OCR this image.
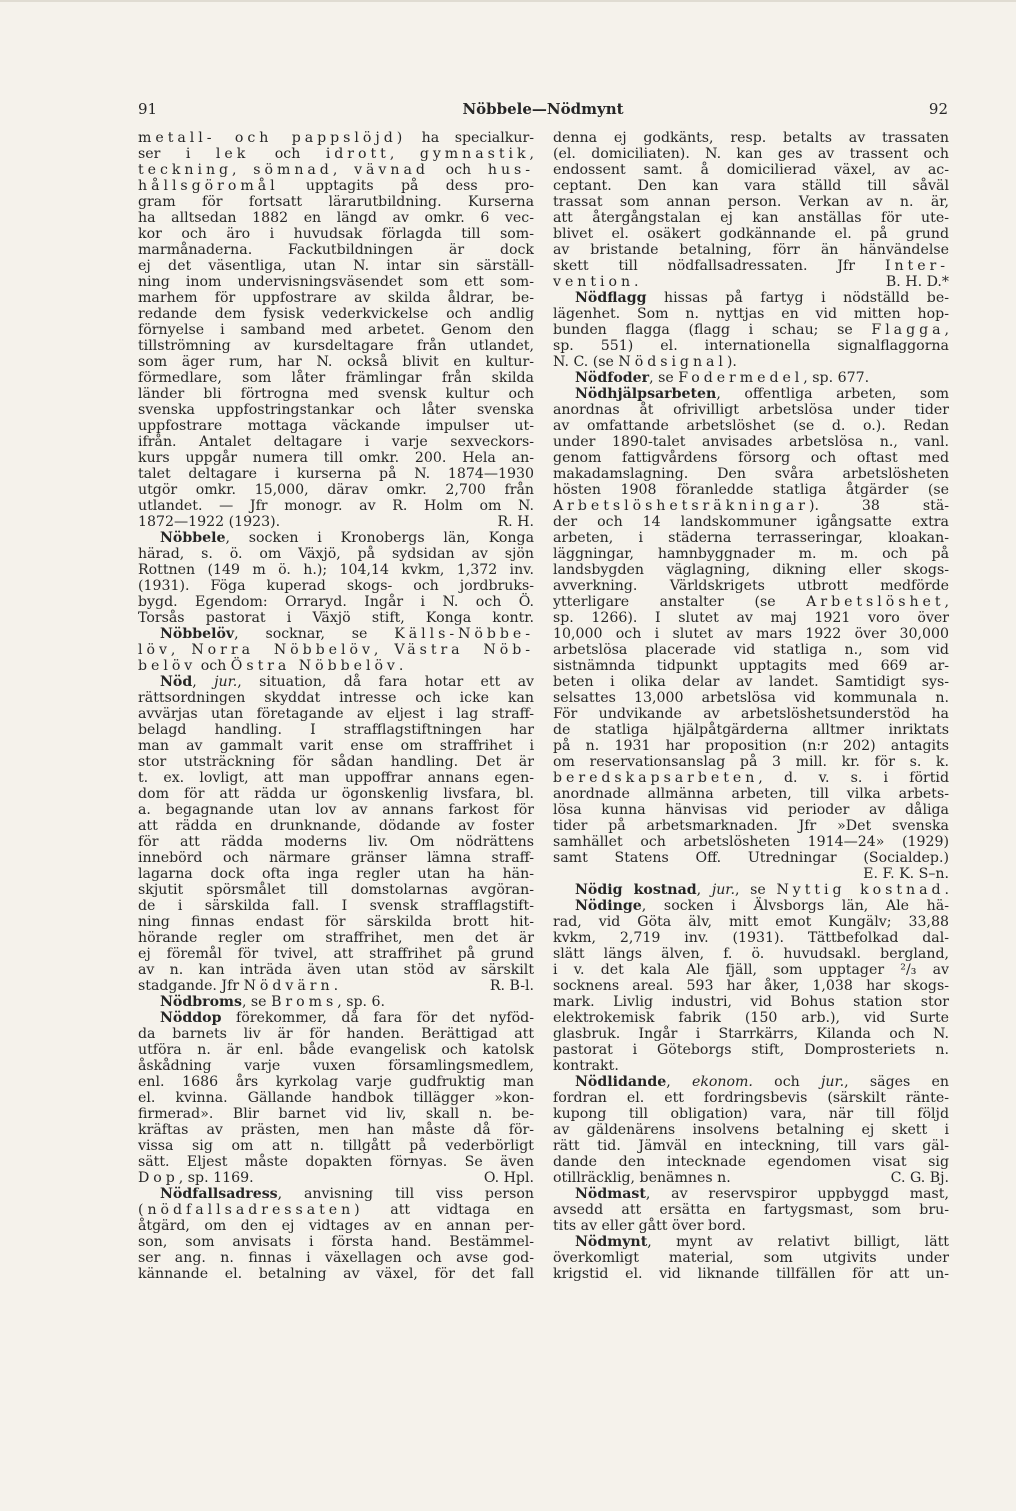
91	Nöbbele—Nödmynt	92
metall- och pappslöjd) ha specialkur-
ser i lek och idrott, gymnastik,
teckning, sömnad, vävnad och hus-
hållsgöromål upptagits på dess pro-
gram för fortsatt lärarutbildning. Kurserna
ha alltsedan 1882 en längd av omkr. 6 vec-
kor och äro i huvudsak förlagda till som-
marmånaderna. Fackutbildningen är dock
ej det väsentliga, utan N. intar sin särställ-
ning inom undervisningsväsendet som ett som-
marhem för uppfostrare av skilda åldrar, be-
redande dem fysisk vederkvickelse och andlig
förnyelse i samband med arbetet. Genom den
tillströmning av kursdeltagare från utlandet,
som äger rum, har N. också blivit en kultur-
förmedlare, som låter främlingar från skilda
länder bli förtrogna med svensk kultur och
svenska uppfostringstankar och låter svenska
uppfostrare mottaga väckande impulser ut-
ifrån. Antalet deltagare i varje sexveckors-
kurs uppgår numera till omkr. 200. Hela an-
talet deltagare i kurserna på N. 1874—1930
utgör omkr. 15,000, därav omkr. 2,700 från
utlandet. — Jfr monogr. av R. Holm om N.
1872—1922 (1923).	R. H.
Nöbbele, socken i Kronobergs län, Konga
härad, s. ö. om Växjö, på sydsidan av sjön
Rottnen (149 m ö. h.); 104,14 kvkm, 1,372 inv.
(1931). Föga kuperad skogs- och jordbruks-
bygd. Egendom: Orraryd. Ingår i N. och Ö.
Torsås pastorat i Växjö stift, Konga kontr.
Nöbbelöv, socknar, se Källs-Nöbbe-
löv, Norra Nöbbelöv, Västra Nöb-
belöv och Östra Nöbbelöv.
Nöd, jur., situation, då fara hotar ett av
rättsordningen skyddat intresse och icke kan
avvärjas utan företagande av eljest i lag straff-
belagd handling. I strafflagstiftningen har
man av gammalt varit ense om straffrihet i
stor utsträckning för sådan handling. Det är
t. ex. lovligt, att man uppoffrar annans egen-
dom för att rädda ur ögonskenlig livsfara, bl.
a. begagnande utan lov av annans farkost för
att rädda en drunknande, dödande av foster
för att rädda moderns liv. Om nödrättens
innebörd och närmare gränser lämna straff-
lagarna dock ofta inga regler utan ha hän-
skjutit spörsmålet till domstolarnas avgöran-
de i särskilda fall. I svensk strafflagstift-
ning finnas endast för särskilda brott hit-
hörande regler om straffrihet, men det är
ej föremål för tvivel, att straffrihet på grund
av n. kan inträda även utan stöd av särskilt
stadgande. Jfr Nödvärn.	R. B-l.
Nödbroms, se Broms, sp. 6.
Nöddop förekommer, då fara för det nyföd-
da barnets liv är för handen. Berättigad att
utföra n. är enl. både evangelisk och katolsk
åskådning varje vuxen församlingsmedlem,
enl. 1686 års kyrkolag varje gudfruktig man
el. kvinna. Gällande handbok tillägger »kon-
firmerad». Blir barnet vid liv, skall n. be-
kräftas av prästen, men han måste då för-
vissa sig om att n. tillgått på vederbörligt
sätt. Eljest måste dopakten förnyas. Se även
Dop, sp. 1169.	O. Hpl.
Nödfallsadress, anvisning till viss person
(nödfallsadressaten) att vidtaga en
åtgärd, om den ej vidtages av en annan per-
son, som anvisats i första hand. Bestämmel-
ser ang. n. finnas i växellagen och avse god-
kännande el. betalning av växel, för det fall
denna ej godkänts, resp. betalts av trassaten
(el. domiciliaten). N. kan ges av trassent och
endossent samt. å domicilierad växel, av ac-
ceptant. Den kan vara ställd till såväl
trassat som annan person. Verkan av n. är,
att återgångstalan ej kan anställas för ute-
blivet el. osäkert godkännande el. på grund
av bristande betalning, förr än hänvändelse
skett till nödfallsadressaten. Jfr Inter-
vention.	B. H. D.*
Nödflagg hissas på fartyg i nödställd be-
lägenhet. Som n. nyttjas en vid mitten hop-
bunden flagga (flagg i schau; se Flagga,
sp. 551) el. internationella signalflaggorna
N. C. (se Nödsignal).
Nödfoder, se Fodermedel, sp. 677.
Nödhjälpsarbeten, offentliga arbeten, som
anordnas åt ofrivilligt arbetslösa under tider
av omfattande arbetslöshet (se d. o.). Redan
under 1890-talet anvisades arbetslösa n., vanl.
genom fattigvårdens försorg och oftast med
makadamslagning. Den svåra arbetslösheten
hösten 1908 föranledde statliga åtgärder (se
Arbetslöshetsräkningar). 38 stä-
der och 14 landskommuner igångsatte extra
arbeten, i städerna terrasseringar, kloakan-
läggningar, hamnbyggnader m. m. och på
landsbygden väglagning, dikning eller skogs-
avverkning. Världskrigets utbrott medförde
ytterligare anstalter (se Arbetslöshet,
sp. 1266). I slutet av maj 1921 voro över
10,000 och i slutet av mars 1922 över 30,000
arbetslösa placerade vid statliga n., som vid
sistnämnda tidpunkt upptagits med 669 ar-
beten i olika delar av landet. Samtidigt sys-
selsattes 13,000 arbetslösa vid kommunala n.
För undvikande av arbetslöshetsunderstöd ha
de statliga hjälpåtgärderna alltmer inriktats
på n. 1931 har proposition (n:r 202) antagits
om reservationsanslag på 3 mill. kr. för s. k.
beredskapsarbeten, d. v. s. i förtid
anordnade allmänna arbeten, till vilka arbets-
lösa kunna hänvisas vid perioder av dåliga
tider på arbetsmarknaden. Jfr »Det svenska
samhället och arbetslösheten 1914—24» (1929)
samt Statens Off. Utredningar (Socialdep.)
E. F. K. S–n.
Nödig kostnad, jur., se Nyttig kostnad.
Nödinge, socken i Älvsborgs län, Ale hä-
rad, vid Göta älv, mitt emot Kungälv; 33,88
kvkm, 2,719 inv. (1931). Tättbefolkad dal-
slätt längs älven, f. ö. huvudsakl. bergland,
i v. det kala Ale fjäll, som upptager ²/₃ av
socknens areal. 593 har åker, 1,038 har skogs-
mark. Livlig industri, vid Bohus station stor
elektrokemisk fabrik (150 arb.), vid Surte
glasbruk. Ingår i Starrkärrs, Kilanda och N.
pastorat i Göteborgs stift, Domprosteriets n.
kontrakt.
Nödlidande, ekonom. och jur., säges en
fordran el. ett fordringsbevis (särskilt ränte-
kupong till obligation) vara, när till följd
av gäldenärens insolvens betalning ej skett i
rätt tid. Jämväl en inteckning, till vars gäl-
dande den intecknade egendomen visat sig
otillräcklig, benämnes n.	C. G. Bj.
Nödmast, av reservspiror uppbyggd mast,
avsedd att ersätta en fartygsmast, som bru-
tits av eller gått över bord.
Nödmynt, mynt av relativt billigt, lätt
överkomligt material, som utgivits under
krigstid el. vid liknande tillfällen för att un-
